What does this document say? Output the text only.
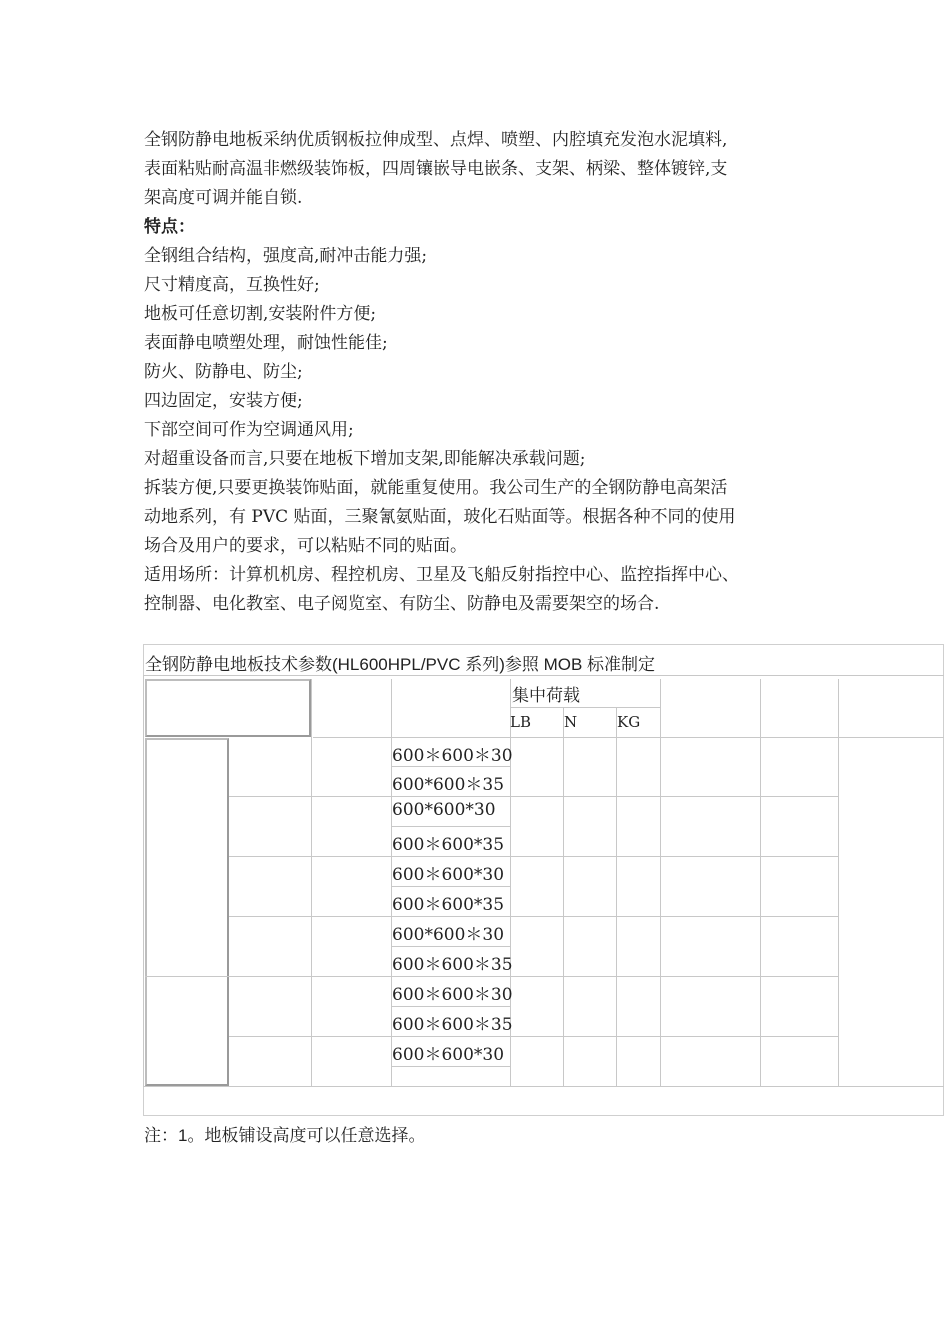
全钢防静电地板采纳优质钢板拉伸成型、点焊、喷塑、内腔填充发泡水泥填料,
表面粘贴耐高温非燃级装饰板，四周镶嵌导电嵌条、支架、柄梁、整体镀锌,支
架高度可调并能自锁.
特点：
全钢组合结构，强度高,耐冲击能力强;
尺寸精度高，互换性好;
地板可任意切割,安装附件方便;
表面静电喷塑处理，耐蚀性能佳;
防火、防静电、防尘;
四边固定，安装方便;
下部空间可作为空调通风用;
对超重设备而言,只要在地板下增加支架,即能解决承载问题;
拆装方便,只要更换装饰贴面，就能重复使用。我公司生产的全钢防静电高架活
动地系列，有 PVC 贴面，三聚氰氨贴面，玻化石贴面等。根据各种不同的使用
场合及用户的要求，可以粘贴不同的贴面。
适用场所：计算机机房、程控机房、卫星及飞船反射指控中心、监控指挥中心、
控制器、电化教室、电子阅览室、有防尘、防静电及需要架空的场合.
全钢防静电地板技术参数(HL600HPL/PVC 系列)参照 MOB 标准制定
集中荷载
LB N	KG
600＊600＊30
600*600＊35
600*600*30
600＊600*35
600＊600*30
600＊600*35
600*600＊30
600＊600＊35
600＊600＊30
600＊600＊35
600＊600*30
注：1。地板铺设高度可以任意选择。
